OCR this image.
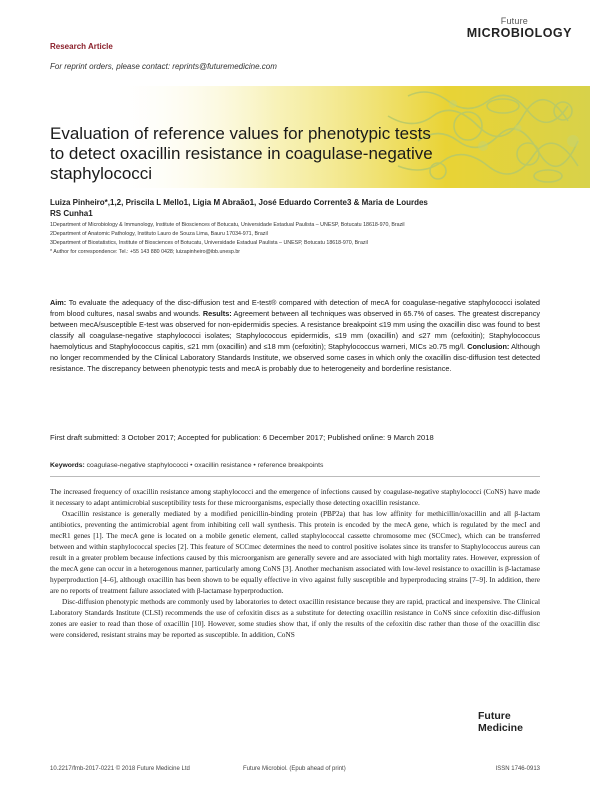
Future
MICROBIOLOGY
Research Article
For reprint orders, please contact: reprints@futuremedicine.com
Evaluation of reference values for phenotypic tests to detect oxacillin resistance in coagulase-negative staphylococci
Luiza Pinheiro*,1,2, Priscila L Mello1, Ligia M Abraão1, José Eduardo Corrente3 & Maria de Lourdes RS Cunha1
1Department of Microbiology & Immunology, Institute of Biosciences of Botucatu, Universidade Estadual Paulista – UNESP, Botucatu 18618-970, Brazil
2Department of Anatomic Pathology, Instituto Lauro de Souza Lima, Bauru 17034-971, Brazil
3Department of Biostatistics, Institute of Biosciences of Botucatu, Universidade Estadual Paulista – UNESP, Botucatu 18618-970, Brazil
* Author for correspondence: Tel.: +55 143 880 0428; luizapinheiro@ibb.unesp.br
Aim: To evaluate the adequacy of the disc-diffusion test and E-test® compared with detection of mecA for coagulase-negative staphylococci isolated from blood cultures, nasal swabs and wounds. Results: Agreement between all techniques was observed in 65.7% of cases. The greatest discrepancy between mecA/susceptible E-test was observed for non-epidermidis species. A resistance breakpoint ≤19 mm using the oxacillin disc was found to best classify all coagulase-negative staphylococci isolates; Staphylococcus epidermidis, ≤19 mm (oxacillin) and ≤27 mm (cefoxitin); Staphylococcus haemolyticus and Staphylococcus capitis, ≤21 mm (oxacillin) and ≤18 mm (cefoxitin); Staphylococcus warneri, MICs ≥0.75 mg/l. Conclusion: Although no longer recommended by the Clinical Laboratory Standards Institute, we observed some cases in which only the oxacillin disc-diffusion test detected resistance. The discrepancy between phenotypic tests and mecA is probably due to heterogeneity and borderline resistance.
First draft submitted: 3 October 2017; Accepted for publication: 6 December 2017; Published online: 9 March 2018
Keywords: coagulase-negative staphylococci • oxacillin resistance • reference breakpoints

The increased frequency of oxacillin resistance among staphylococci and the emergence of infections caused by coagulase-negative staphylococci (CoNS) have made it necessary to adapt antimicrobial susceptibility tests for these microorganisms, especially those detecting oxacillin resistance.

Oxacillin resistance is generally mediated by a modified penicillin-binding protein (PBP2a) that has low affinity for methicillin/oxacillin and all β-lactam antibiotics, preventing the antimicrobial agent from inhibiting cell wall synthesis. This protein is encoded by the mecA gene, which is regulated by the mecI and mecR1 genes [1]. The mecA gene is located on a mobile genetic element, called staphylococcal cassette chromosome mec (SCCmec), which can be transferred between and within staphylococcal species [2]. This feature of SCCmec determines the need to control positive isolates since its transfer to Staphylococcus aureus can result in a greater problem because infections caused by this microorganism are generally severe and are associated with high mortality rates. However, expression of the mecA gene can occur in a heterogenous manner, particularly among CoNS [3]. Another mechanism associated with low-level resistance to oxacillin is β-lactamase hyperproduction [4–6], although oxacillin has been shown to be equally effective in vivo against fully susceptible and hyperproducing strains [7–9]. In addition, there are no reports of treatment failure associated with β-lactamase hyperproduction.

Disc-diffusion phenotypic methods are commonly used by laboratories to detect oxacillin resistance because they are rapid, practical and inexpensive. The Clinical Laboratory Standards Institute (CLSI) recommends the use of cefoxitin discs as a substitute for detecting oxacillin resistance in CoNS since cefoxitin disc-diffusion zones are easier to read than those of oxacillin [10]. However, some studies show that, if only the results of the cefoxitin disc rather than those of the oxacillin disc were considered, resistant strains may be reported as susceptible. In addition, CoNS

Future
Medicine
10.2217/fmb-2017-0221 © 2018 Future Medicine Ltd	Future Microbiol. (Epub ahead of print)	ISSN 1746-0913
